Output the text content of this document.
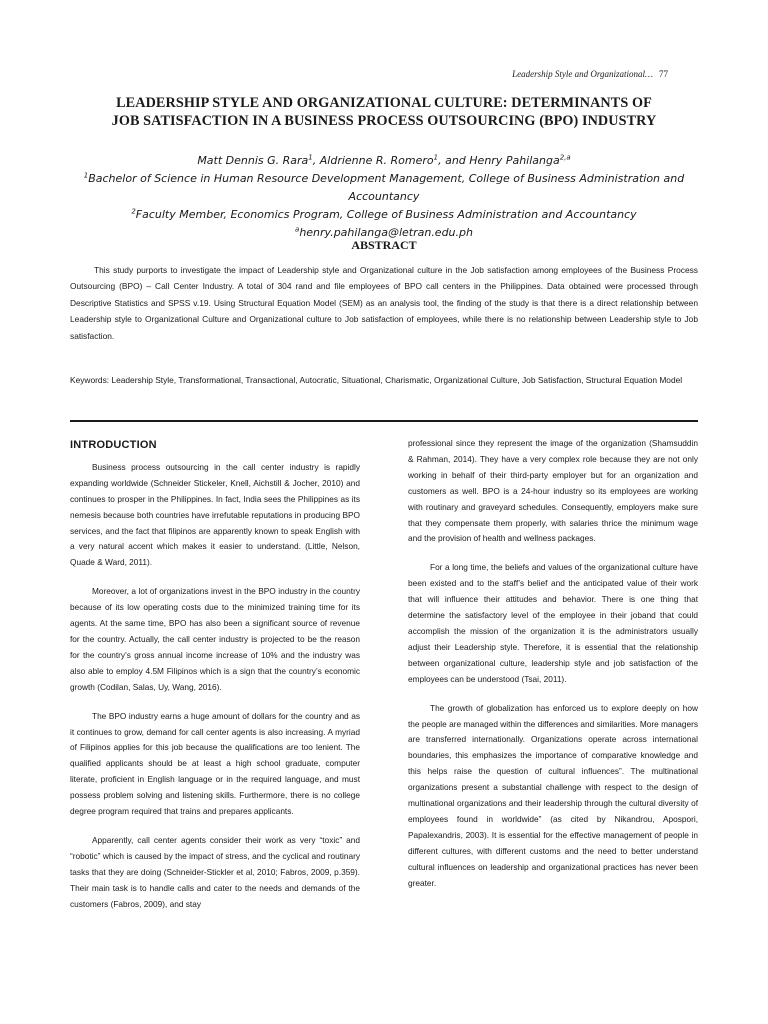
Leadership Style and Organizational… 77
LEADERSHIP STYLE AND ORGANIZATIONAL CULTURE: DETERMINANTS OF
JOB SATISFACTION IN A BUSINESS PROCESS OUTSOURCING (BPO) INDUSTRY
Matt Dennis G. Rara$^1$, Aldrienne R. Romero$^1$, and Henry Pahilanga$^{2,a}$
$^1$Bachelor of Science in Human Resource Development Management, College of Business Administration and Accountancy
$^2$Faculty Member, Economics Program, College of Business Administration and Accountancy
$^a$henry.pahilanga@letran.edu.ph
ABSTRACT
This study purports to investigate the impact of Leadership style and Organizational culture in the Job satisfaction among employees of the Business Process Outsourcing (BPO) – Call Center Industry. A total of 304 rand and file employees of BPO call centers in the Philippines. Data obtained were processed through Descriptive Statistics and SPSS v.19. Using Structural Equation Model (SEM) as an analysis tool, the finding of the study is that there is a direct relationship between Leadership style to Organizational Culture and Organizational culture to Job satisfaction of employees, while there is no relationship between Leadership style to Job satisfaction.
Keywords: Leadership Style, Transformational, Transactional, Autocratic, Situational, Charismatic, Organizational Culture, Job Satisfaction, Structural Equation Model
INTRODUCTION

Business process outsourcing in the call center industry is rapidly expanding worldwide (Schneider Stickeler, Knell, Aichstill & Jocher, 2010) and continues to prosper in the Philippines. In fact, India sees the Philippines as its nemesis because both countries have irrefutable reputations in producing BPO services, and the fact that filipinos are apparently known to speak English with a very natural accent which makes it easier to understand. (Little, Nelson, Quade & Ward, 2011).

Moreover, a lot of organizations invest in the BPO industry in the country because of its low operating costs due to the minimized training time for its agents. At the same time, BPO has also been a significant source of revenue for the country. Actually, the call center industry is projected to be the reason for the country’s gross annual income increase of 10% and the industry was also able to employ 4.5M Filipinos which is a sign that the country’s economic growth (Codilan, Salas, Uy, Wang, 2016).

The BPO industry earns a huge amount of dollars for the country and as it continues to grow, demand for call center agents is also increasing. A myriad of Filipinos applies for this job because the qualifications are too lenient. The qualified applicants should be at least a high school graduate, computer literate, proficient in English language or in the required language, and must possess problem solving and listening skills. Furthermore, there is no college degree program required that trains and prepares applicants.

Apparently, call center agents consider their work as very “toxic” and “robotic” which is caused by the impact of stress, and the cyclical and routinary tasks that they are doing (Schneider-Stickler et al, 2010; Fabros, 2009, p.359). Their main task is to handle calls and cater to the needs and demands of the customers (Fabros, 2009), and stay

professional since they represent the image of the organization (Shamsuddin & Rahman, 2014). They have a very complex role because they are not only working in behalf of their third-party employer but for an organization and customers as well. BPO is a 24-hour industry so its employees are working with routinary and graveyard schedules. Consequently, employers make sure that they compensate them properly, with salaries thrice the minimum wage and the provision of health and wellness packages.

For a long time, the beliefs and values of the organizational culture have been existed and to the staff’s belief and the anticipated value of their work that will influence their attitudes and behavior. There is one thing that determine the satisfactory level of the employee in their joband that could accomplish the mission of the organization it is the administrators usually adjust their Leadership style. Therefore, it is essential that the relationship between organizational culture, leadership style and job satisfaction of the employees can be understood (Tsai, 2011).

The growth of globalization has enforced us to explore deeply on how the people are managed within the differences and similarities. More managers are transferred internationally. Organizations operate across international boundaries, this emphasizes the importance of comparative knowledge and this helps raise the question of cultural influences”. The multinational organizations present a substantial challenge with respect to the design of multinational organizations and their leadership through the cultural diversity of employees found in worldwide” (as cited by Nikandrou, Apospori, Papalexandris, 2003). It is essential for the effective management of people in different cultures, with different customs and the need to better understand cultural influences on leadership and organizational practices has never been greater.
